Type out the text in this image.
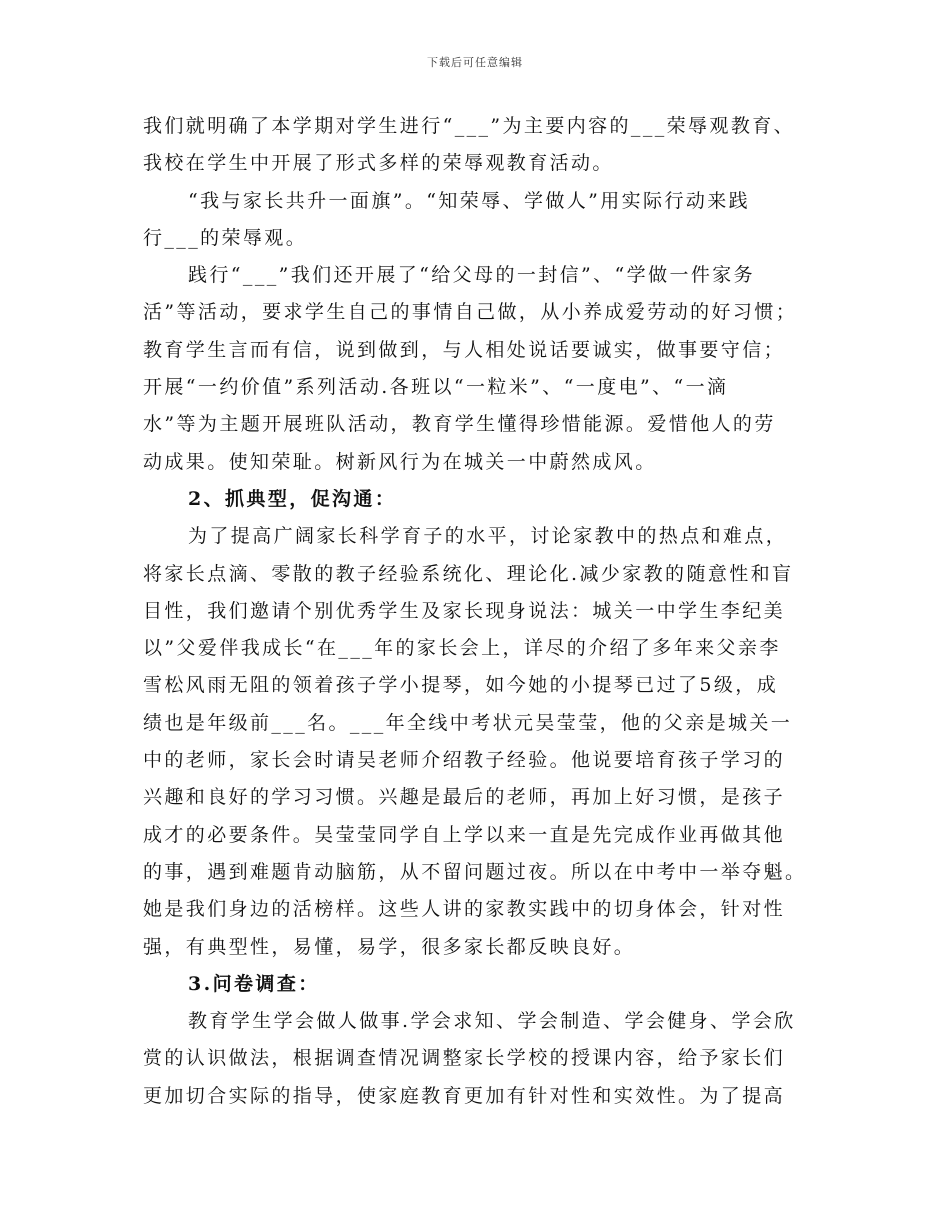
下载后可任意编辑
我们就明确了本学期对学生进行“___”为主要内容的___荣辱观教育、
我校在学生中开展了形式多样的荣辱观教育活动。
“我与家长共升一面旗”。“知荣辱、学做人”用实际行动来践
行___的荣辱观。
践行“___”我们还开展了“给父母的一封信”、“学做一件家务
活”等活动，要求学生自己的事情自己做，从小养成爱劳动的好习惯；
教育学生言而有信，说到做到，与人相处说话要诚实，做事要守信；
开展“一约价值”系列活动.各班以“一粒米”、“一度电”、“一滴
水”等为主题开展班队活动，教育学生懂得珍惜能源。爱惜他人的劳
动成果。使知荣耻。树新风行为在城关一中蔚然成风。
2、抓典型，促沟通：
为了提高广阔家长科学育子的水平，讨论家教中的热点和难点，
将家长点滴、零散的教子经验系统化、理论化.减少家教的随意性和盲
目性，我们邀请个别优秀学生及家长现身说法：城关一中学生李纪美
以”父爱伴我成长“在___年的家长会上，详尽的介绍了多年来父亲李
雪松风雨无阻的领着孩子学小提琴，如今她的小提琴已过了5级，成
绩也是年级前___名。___年全线中考状元吴莹莹，他的父亲是城关一
中的老师，家长会时请吴老师介绍教子经验。他说要培育孩子学习的
兴趣和良好的学习习惯。兴趣是最后的老师，再加上好习惯，是孩子
成才的必要条件。吴莹莹同学自上学以来一直是先完成作业再做其他
的事，遇到难题肯动脑筋，从不留问题过夜。所以在中考中一举夺魁。
她是我们身边的活榜样。这些人讲的家教实践中的切身体会，针对性
强，有典型性，易懂，易学，很多家长都反映良好。
3.问卷调查：
教育学生学会做人做事.学会求知、学会制造、学会健身、学会欣
赏的认识做法，根据调查情况调整家长学校的授课内容，给予家长们
更加切合实际的指导，使家庭教育更加有针对性和实效性。为了提高
